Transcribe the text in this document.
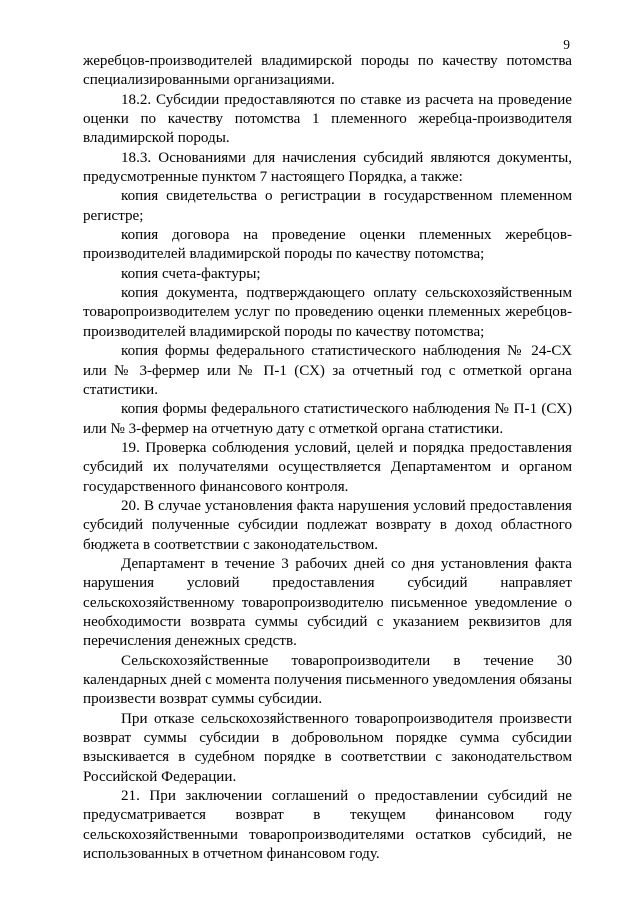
9

жеребцов-производителей владимирской породы по качеству потомства специализированными организациями.

18.2. Субсидии предоставляются по ставке из расчета на проведение оценки по качеству потомства 1 племенного жеребца-производителя владимирской породы.

18.3. Основаниями для начисления субсидий являются документы, предусмотренные пунктом 7 настоящего Порядка, а также:

копия свидетельства о регистрации в государственном племенном регистре;

копия договора на проведение оценки племенных жеребцов-производителей владимирской породы по качеству потомства;

копия счета-фактуры;

копия документа, подтверждающего оплату сельскохозяйственным товаропроизводителем услуг по проведению оценки племенных жеребцов-производителей владимирской породы по качеству потомства;

копия формы федерального статистического наблюдения № 24-СХ или № 3-фермер или № П-1 (СХ) за отчетный год с отметкой органа статистики.

копия формы федерального статистического наблюдения № П-1 (СХ) или № 3-фермер на отчетную дату с отметкой органа статистики.

19. Проверка соблюдения условий, целей и порядка предоставления субсидий их получателями осуществляется Департаментом и органом государственного финансового контроля.

20. В случае установления факта нарушения условий предоставления субсидий полученные субсидии подлежат возврату в доход областного бюджета в соответствии с законодательством.

Департамент в течение 3 рабочих дней со дня установления факта нарушения условий предоставления субсидий направляет сельскохозяйственному товаропроизводителю письменное уведомление о необходимости возврата суммы субсидий с указанием реквизитов для перечисления денежных средств.

Сельскохозяйственные товаропроизводители в течение 30 календарных дней с момента получения письменного уведомления обязаны произвести возврат суммы субсидии.

При отказе сельскохозяйственного товаропроизводителя произвести возврат суммы субсидии в добровольном порядке сумма субсидии взыскивается в судебном порядке в соответствии с законодательством Российской Федерации.

21. При заключении соглашений о предоставлении субсидий не предусматривается возврат в текущем финансовом году сельскохозяйственными товаропроизводителями остатков субсидий, не использованных в отчетном финансовом году.
